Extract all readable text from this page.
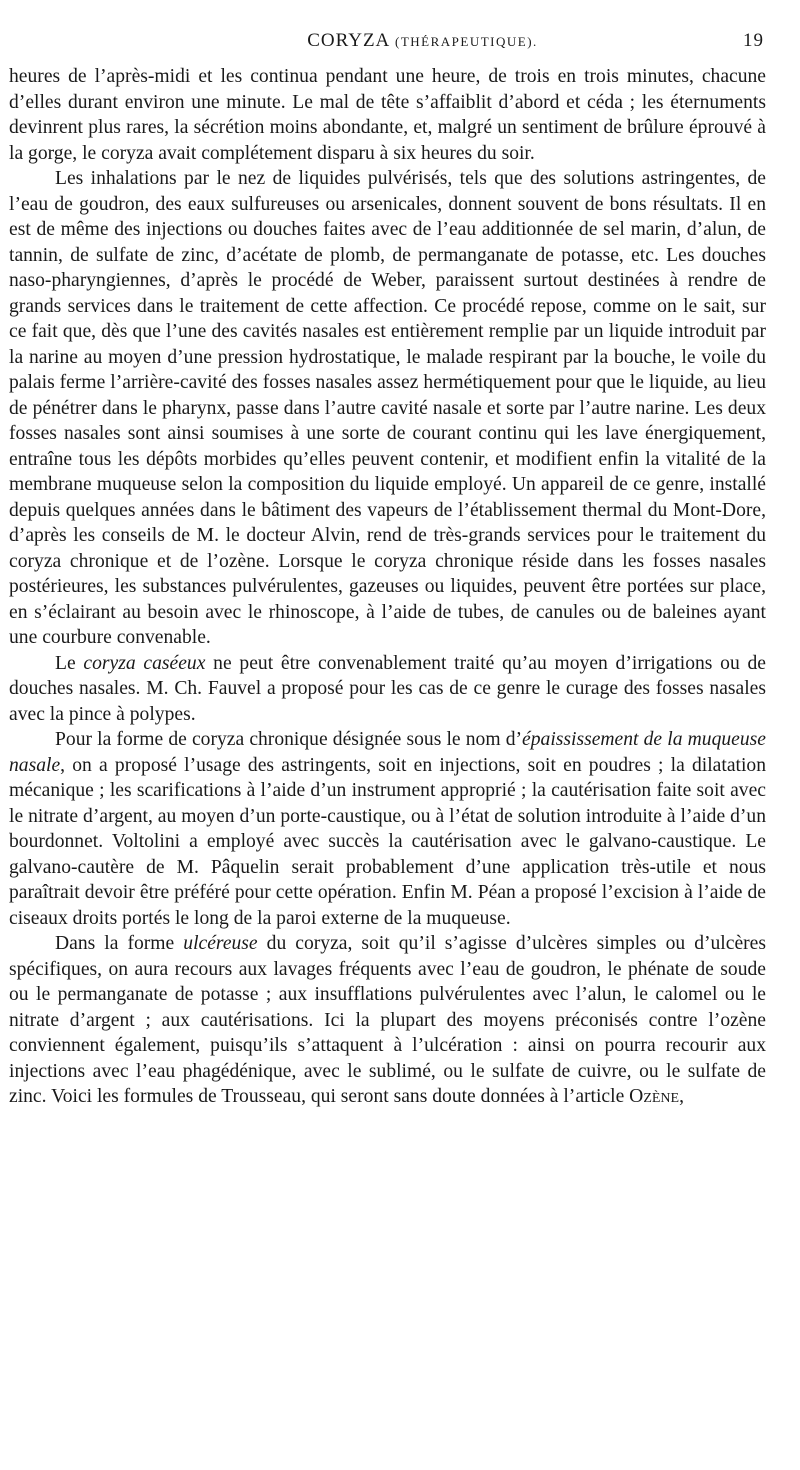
CORYZA (THÉRAPEUTIQUE).	19

heures de l’après-midi et les continua pendant une heure, de trois en trois minutes, chacune d’elles durant environ une minute. Le mal de tête s’affaiblit d’abord et céda ; les éternuments devinrent plus rares, la sécrétion moins abondante, et, malgré un sentiment de brûlure éprouvé à la gorge, le coryza avait complétement disparu à six heures du soir.

Les inhalations par le nez de liquides pulvérisés, tels que des solutions astringentes, de l’eau de goudron, des eaux sulfureuses ou arsenicales, donnent souvent de bons résultats. Il en est de même des injections ou douches faites avec de l’eau additionnée de sel marin, d’alun, de tannin, de sulfate de zinc, d’acétate de plomb, de permanganate de potasse, etc. Les douches naso-pharyngiennes, d’après le procédé de Weber, paraissent surtout destinées à rendre de grands services dans le traitement de cette affection. Ce procédé repose, comme on le sait, sur ce fait que, dès que l’une des cavités nasales est entièrement remplie par un liquide introduit par la narine au moyen d’une pression hydrostatique, le malade respirant par la bouche, le voile du palais ferme l’arrière-cavité des fosses nasales assez hermétiquement pour que le liquide, au lieu de pénétrer dans le pharynx, passe dans l’autre cavité nasale et sorte par l’autre narine. Les deux fosses nasales sont ainsi soumises à une sorte de courant continu qui les lave énergiquement, entraîne tous les dépôts morbides qu’elles peuvent contenir, et modifient enfin la vitalité de la membrane muqueuse selon la composition du liquide employé. Un appareil de ce genre, installé depuis quelques années dans le bâtiment des vapeurs de l’établissement thermal du Mont-Dore, d’après les conseils de M. le docteur Alvin, rend de très-grands services pour le traitement du coryza chronique et de l’ozène. Lorsque le coryza chronique réside dans les fosses nasales postérieures, les substances pulvérulentes, gazeuses ou liquides, peuvent être portées sur place, en s’éclairant au besoin avec le rhinoscope, à l’aide de tubes, de canules ou de baleines ayant une courbure convenable.

Le coryza caséeux ne peut être convenablement traité qu’au moyen d’irrigations ou de douches nasales. M. Ch. Fauvel a proposé pour les cas de ce genre le curage des fosses nasales avec la pince à polypes.

Pour la forme de coryza chronique désignée sous le nom d’épaississement de la muqueuse nasale, on a proposé l’usage des astringents, soit en injections, soit en poudres ; la dilatation mécanique ; les scarifications à l’aide d’un instrument approprié ; la cautérisation faite soit avec le nitrate d’argent, au moyen d’un porte-caustique, ou à l’état de solution introduite à l’aide d’un bourdonnet. Voltolini a employé avec succès la cautérisation avec le galvano-caustique. Le galvano-cautère de M. Pâquelin serait probablement d’une application très-utile et nous paraîtrait devoir être préféré pour cette opération. Enfin M. Péan a proposé l’excision à l’aide de ciseaux droits portés le long de la paroi externe de la muqueuse.

Dans la forme ulcéreuse du coryza, soit qu’il s’agisse d’ulcères simples ou d’ulcères spécifiques, on aura recours aux lavages fréquents avec l’eau de goudron, le phénate de soude ou le permanganate de potasse ; aux insufflations pulvérulentes avec l’alun, le calomel ou le nitrate d’argent ; aux cautérisations. Ici la plupart des moyens préconisés contre l’ozène conviennent également, puisqu’ils s’attaquent à l’ulcération : ainsi on pourra recourir aux injections avec l’eau phagédénique, avec le sublimé, ou le sulfate de cuivre, ou le sulfate de zinc. Voici les formules de Trousseau, qui seront sans doute données à l’article Ozène,
